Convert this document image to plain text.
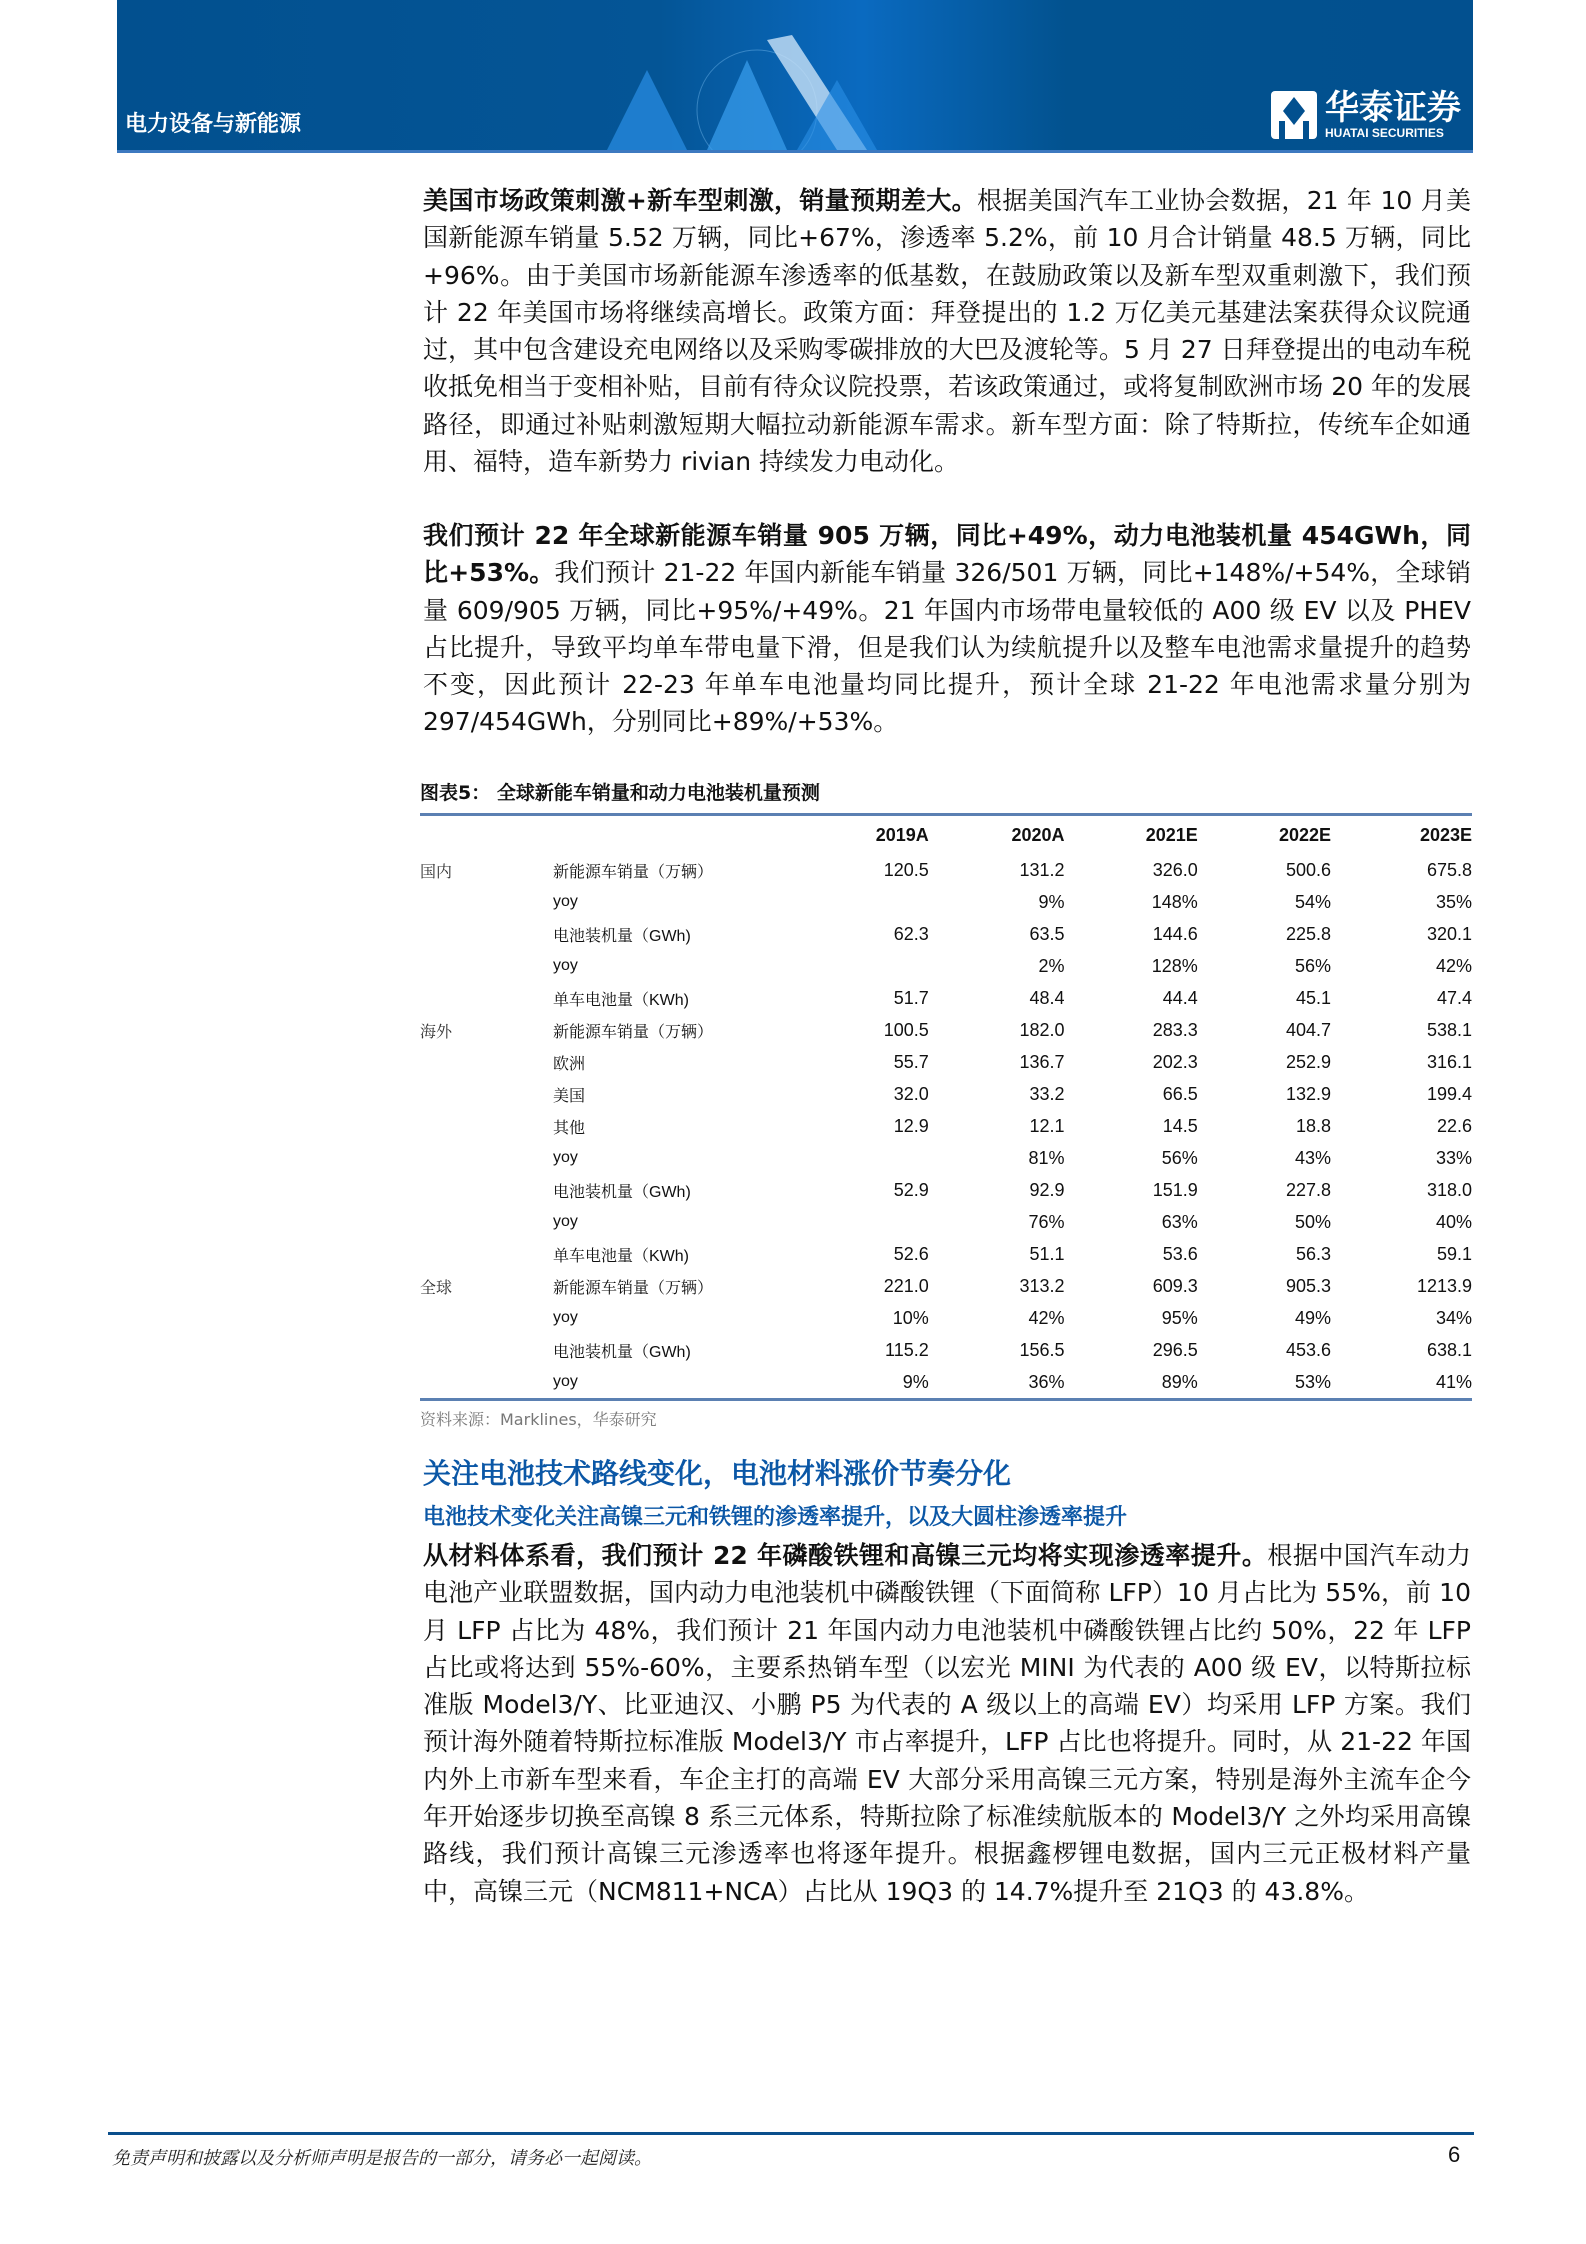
电力设备与新能源	华泰证券
HUATAI SECURITIES
美国市场政策刺激+新车型刺激，销量预期差大。根据美国汽车工业协会数据，21 年 10 月美国新能源车销量 5.52 万辆，同比+67%，渗透率 5.2%，前 10 月合计销量 48.5 万辆，同比+96%。由于美国市场新能源车渗透率的低基数，在鼓励政策以及新车型双重刺激下，我们预计 22 年美国市场将继续高增长。政策方面：拜登提出的 1.2 万亿美元基建法案获得众议院通过，其中包含建设充电网络以及采购零碳排放的大巴及渡轮等。5 月 27 日拜登提出的电动车税收抵免相当于变相补贴，目前有待众议院投票，若该政策通过，或将复制欧洲市场 20 年的发展路径，即通过补贴刺激短期大幅拉动新能源车需求。新车型方面：除了特斯拉，传统车企如通用、福特，造车新势力 rivian 持续发力电动化。
我们预计 22 年全球新能源车销量 905 万辆，同比+49%，动力电池装机量 454GWh，同比+53%。我们预计 21-22 年国内新能车销量 326/501 万辆，同比+148%/+54%，全球销量 609/905 万辆，同比+95%/+49%。21 年国内市场带电量较低的 A00 级 EV 以及 PHEV 占比提升，导致平均单车带电量下滑，但是我们认为续航提升以及整车电池需求量提升的趋势不变，因此预计 22-23 年单车电池量均同比提升，预计全球 21-22 年电池需求量分别为 297/454GWh，分别同比+89%/+53%。
图表5： 全球新能车销量和动力电池装机量预测
		2019A	2020A	2021E	2022E	2023E
国内	新能源车销量（万辆）	120.5	131.2	326.0	500.6	675.8
	yoy		9%	148%	54%	35%
	电池装机量（GWh)	62.3	63.5	144.6	225.8	320.1
	yoy		2%	128%	56%	42%
	单车电池量（KWh)	51.7	48.4	44.4	45.1	47.4
海外	新能源车销量（万辆）	100.5	182.0	283.3	404.7	538.1
	欧洲	55.7	136.7	202.3	252.9	316.1
	美国	32.0	33.2	66.5	132.9	199.4
	其他	12.9	12.1	14.5	18.8	22.6
	yoy		81%	56%	43%	33%
	电池装机量（GWh)	52.9	92.9	151.9	227.8	318.0
	yoy		76%	63%	50%	40%
	单车电池量（KWh)	52.6	51.1	53.6	56.3	59.1
全球	新能源车销量（万辆）	221.0	313.2	609.3	905.3	1213.9
	yoy	10%	42%	95%	49%	34%
	电池装机量（GWh)	115.2	156.5	296.5	453.6	638.1
	yoy	9%	36%	89%	53%	41%
资料来源：Marklines，华泰研究
关注电池技术路线变化，电池材料涨价节奏分化
电池技术变化关注高镍三元和铁锂的渗透率提升，以及大圆柱渗透率提升
从材料体系看，我们预计 22 年磷酸铁锂和高镍三元均将实现渗透率提升。根据中国汽车动力电池产业联盟数据，国内动力电池装机中磷酸铁锂（下面简称 LFP）10 月占比为 55%，前 10 月 LFP 占比为 48%，我们预计 21 年国内动力电池装机中磷酸铁锂占比约 50%，22 年 LFP 占比或将达到 55%-60%，主要系热销车型（以宏光 MINI 为代表的 A00 级 EV，以特斯拉标准版 Model3/Y、比亚迪汉、小鹏 P5 为代表的 A 级以上的高端 EV）均采用 LFP 方案。我们预计海外随着特斯拉标准版 Model3/Y 市占率提升，LFP 占比也将提升。同时，从 21-22 年国内外上市新车型来看，车企主打的高端 EV 大部分采用高镍三元方案，特别是海外主流车企今年开始逐步切换至高镍 8 系三元体系，特斯拉除了标准续航版本的 Model3/Y 之外均采用高镍路线，我们预计高镍三元渗透率也将逐年提升。根据鑫椤锂电数据，国内三元正极材料产量中，高镍三元（NCM811+NCA）占比从 19Q3 的 14.7%提升至 21Q3 的 43.8%。
免责声明和披露以及分析师声明是报告的一部分，请务必一起阅读。	6
